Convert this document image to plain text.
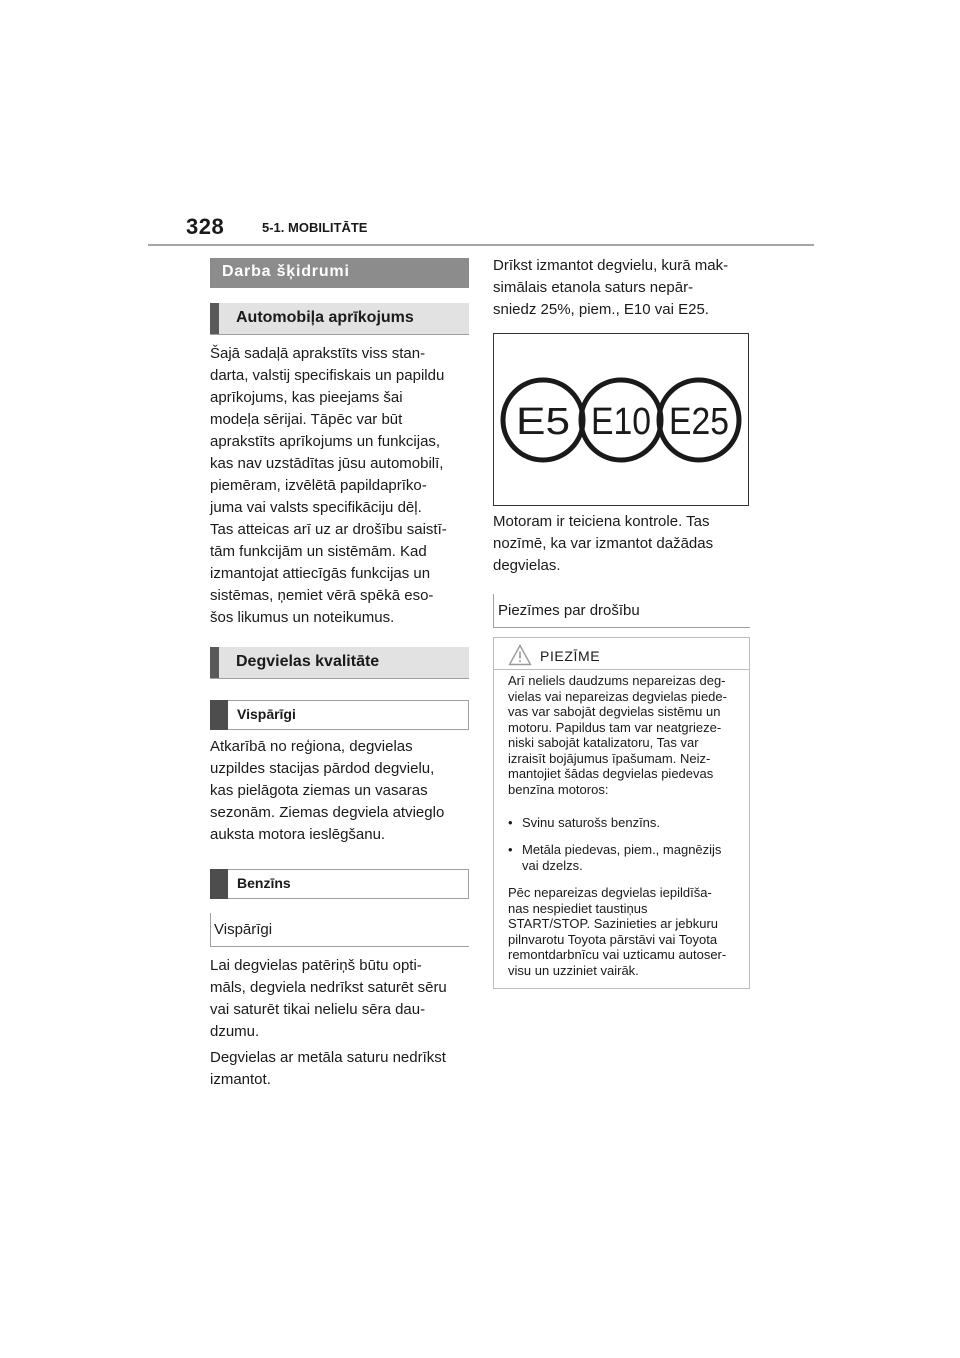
328	5-1. MOBILITĀTE
Darba šķidrumi
Automobiļa aprīkojums
Šajā sadaļā aprakstīts viss stan-
darta, valstij specifiskais un papildu
aprīkojums, kas pieejams šai
modeļa sērijai. Tāpēc var būt
aprakstīts aprīkojums un funkcijas,
kas nav uzstādītas jūsu automobilī,
piemēram, izvēlētā papildaprīko-
juma vai valsts specifikāciju dēļ.
Tas atteicas arī uz ar drošību saistī-
tām funkcijām un sistēmām. Kad
izmantojat attiecīgās funkcijas un
sistēmas, ņemiet vērā spēkā eso-
šos likumus un noteikumus.
Degvielas kvalitāte
Vispārīgi
Atkarībā no reģiona, degvielas
uzpildes stacijas pārdod degvielu,
kas pielāgota ziemas un vasaras
sezonām. Ziemas degviela atvieglo
auksta motora ieslēgšanu.
Benzīns
Vispārīgi
Lai degvielas patēriņš būtu opti-
māls, degviela nedrīkst saturēt sēru
vai saturēt tikai nelielu sēra dau-
dzumu.
Degvielas ar metāla saturu nedrīkst
izmantot.
Drīkst izmantot degvielu, kurā mak-
simālais etanola saturs nepār-
sniedz 25%, piem., E10 vai E25.
E5 E10 E25
Motoram ir teiciena kontrole. Tas
nozīmē, ka var izmantot dažādas
degvielas.
Piezīmes par drošību
PIEZĪME
Arī neliels daudzums nepareizas deg-
vielas vai nepareizas degvielas piede-
vas var sabojāt degvielas sistēmu un
motoru. Papildus tam var neatgrieze-
niski sabojāt katalizatoru, Tas var
izraisīt bojājumus īpašumam. Neiz-
mantojiet šādas degvielas piedevas
benzīna motoros:
• Svinu saturošs benzīns.
• Metāla piedevas, piem., magnēzijs
vai dzelzs.
Pēc nepareizas degvielas iepildīša-
nas nespiediet taustiņus
START/STOP. Sazinieties ar jebkuru
pilnvarotu Toyota pārstāvi vai Toyota
remontdarbnīcu vai uzticamu autoser-
visu un uzziniet vairāk.
